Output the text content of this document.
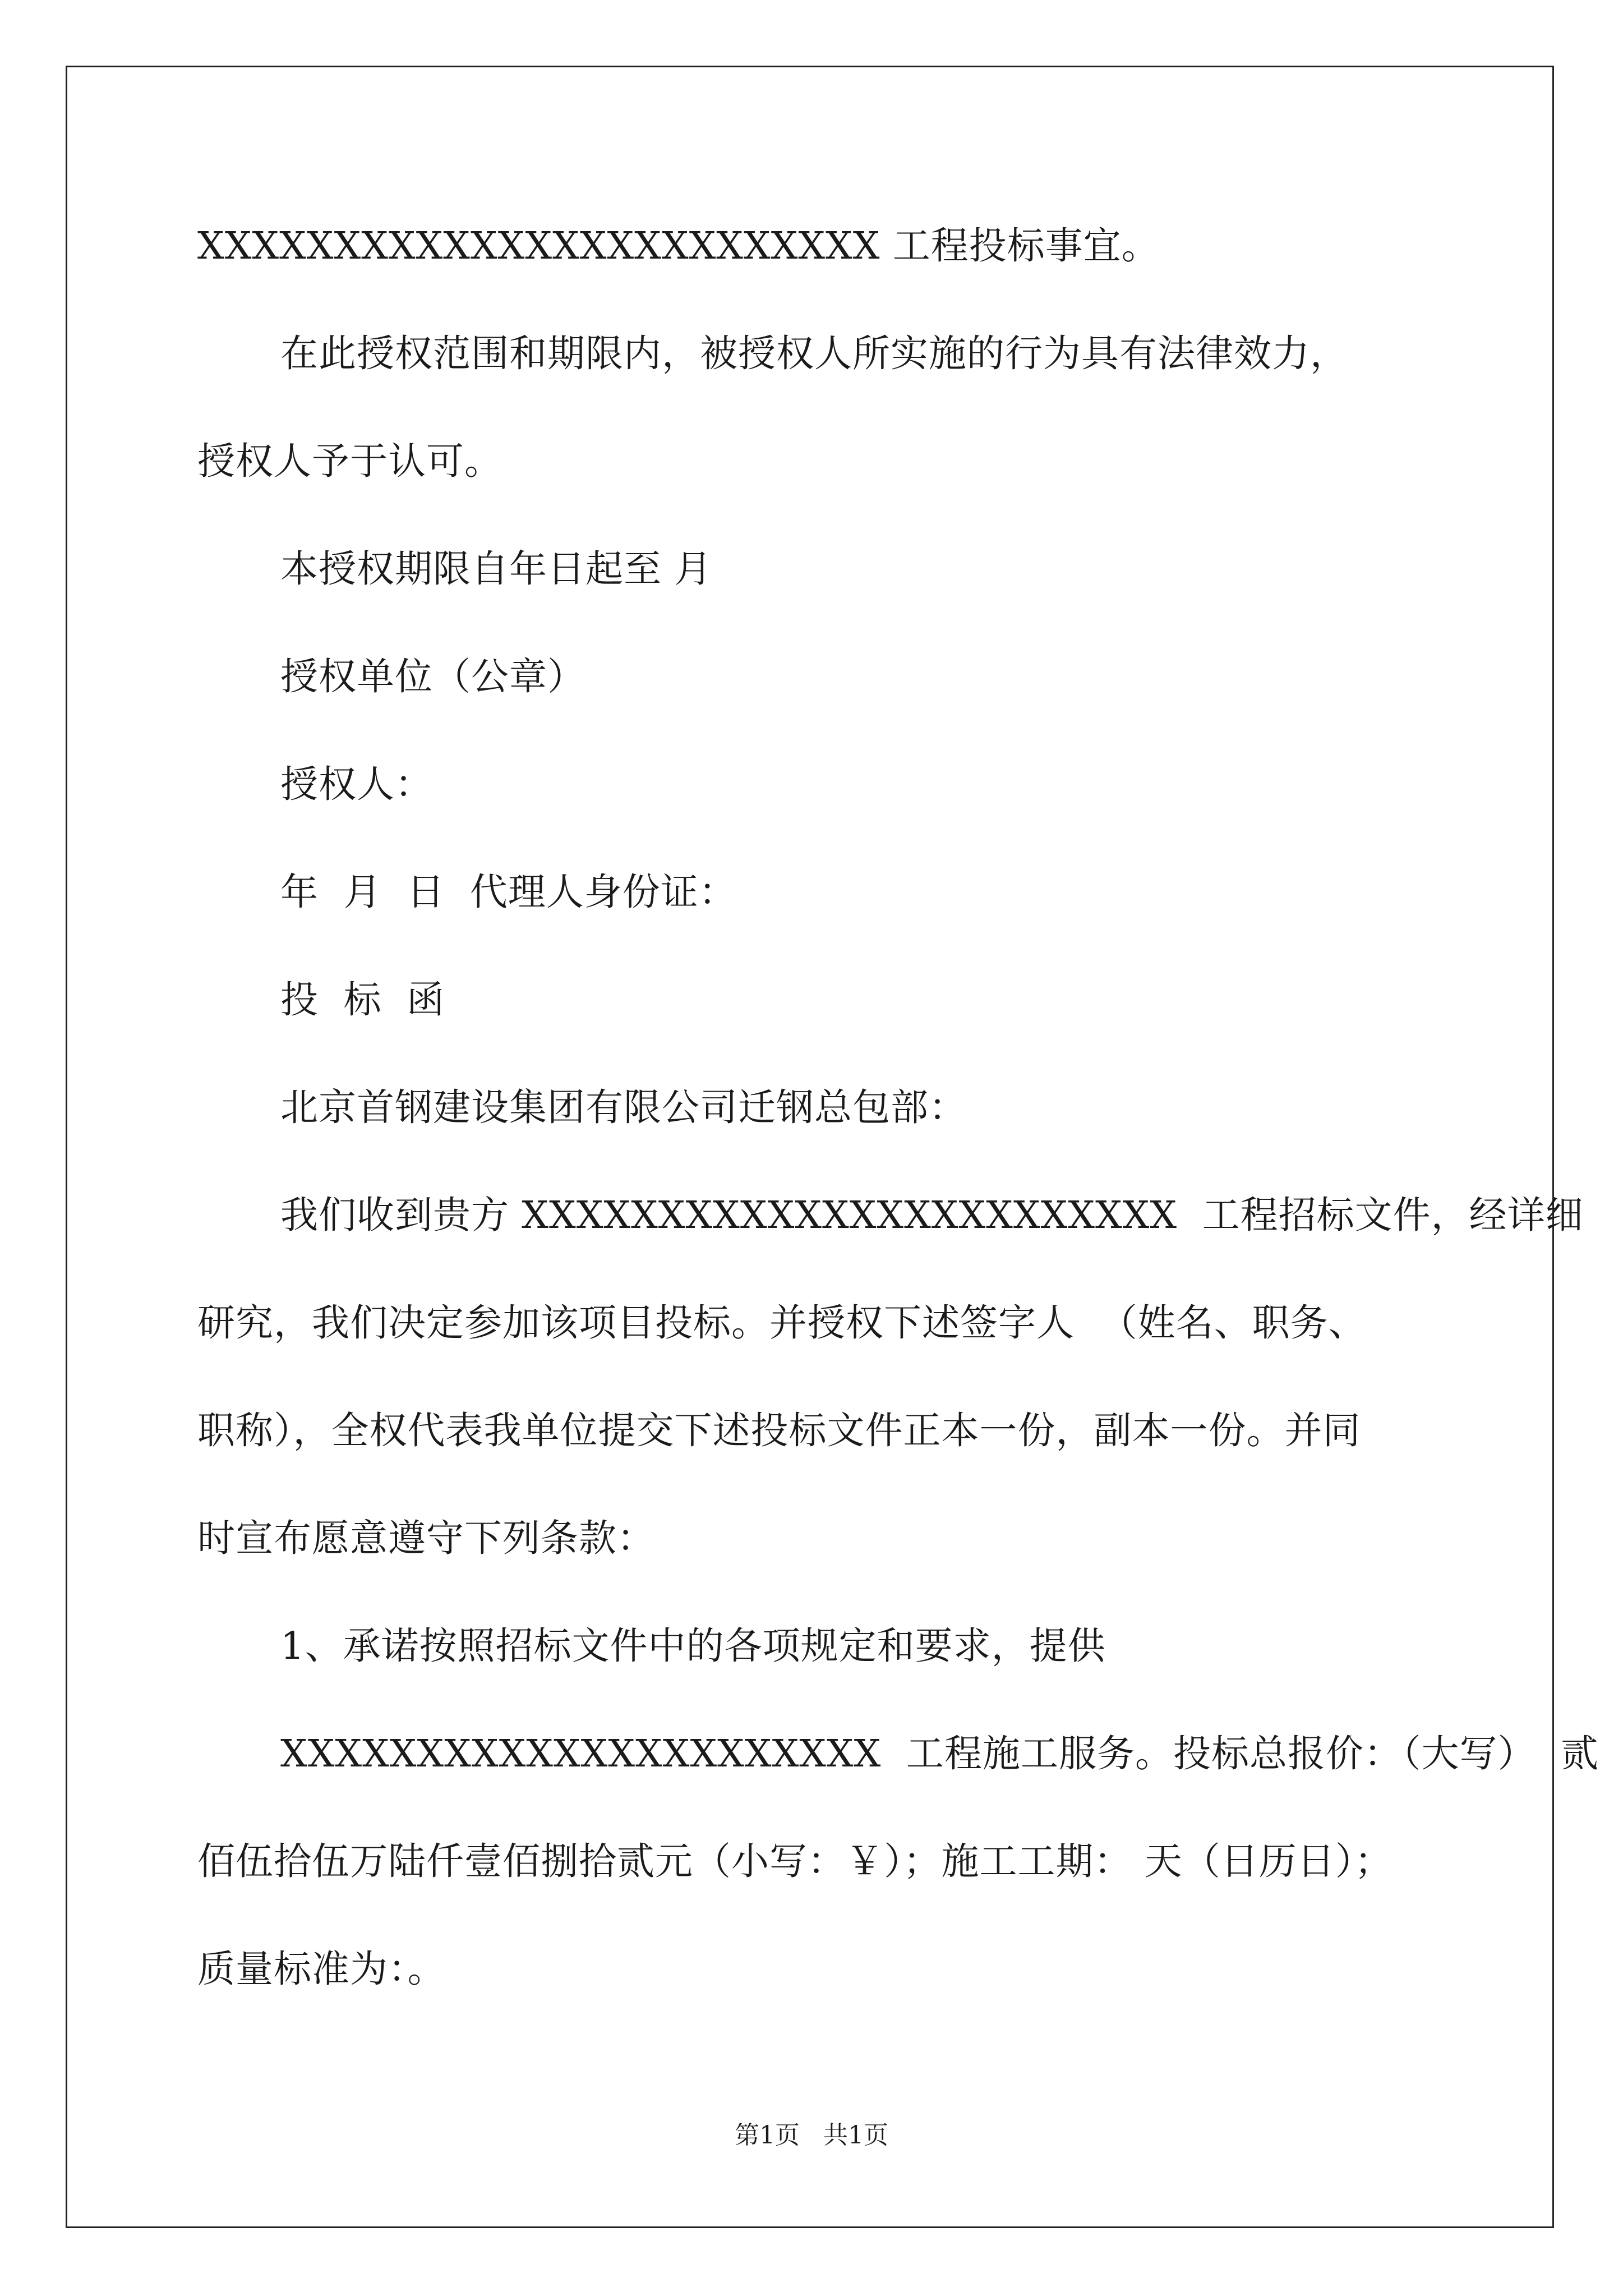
XXXXXXXXXXXXXXXXXXXXXXXXX 工程投标事宜。
在此授权范围和期限内，被授权人所实施的行为具有法律效力，
授权人予于认可。
本授权期限自年日起至 月
授权单位（公章）
授权人：
年  月  日  代理人身份证：
投  标  函
北京首钢建设集团有限公司迁钢总包部：
我们收到贵方 XXXXXXXXXXXXXXXXXXXXXXXX  工程招标文件，经详细
研究，我们决定参加该项目投标。并授权下述签字人  （姓名、职务、
职称），全权代表我单位提交下述投标文件正本一份，副本一份。并同
时宣布愿意遵守下列条款：
1、承诺按照招标文件中的各项规定和要求，提供
XXXXXXXXXXXXXXXXXXXXXX  工程施工服务。投标总报价：（大写）  贰
佰伍拾伍万陆仟壹佰捌拾贰元（小写：￥）；施工工期： 天（日历日）；
质量标准为：。
第1页   共1页
